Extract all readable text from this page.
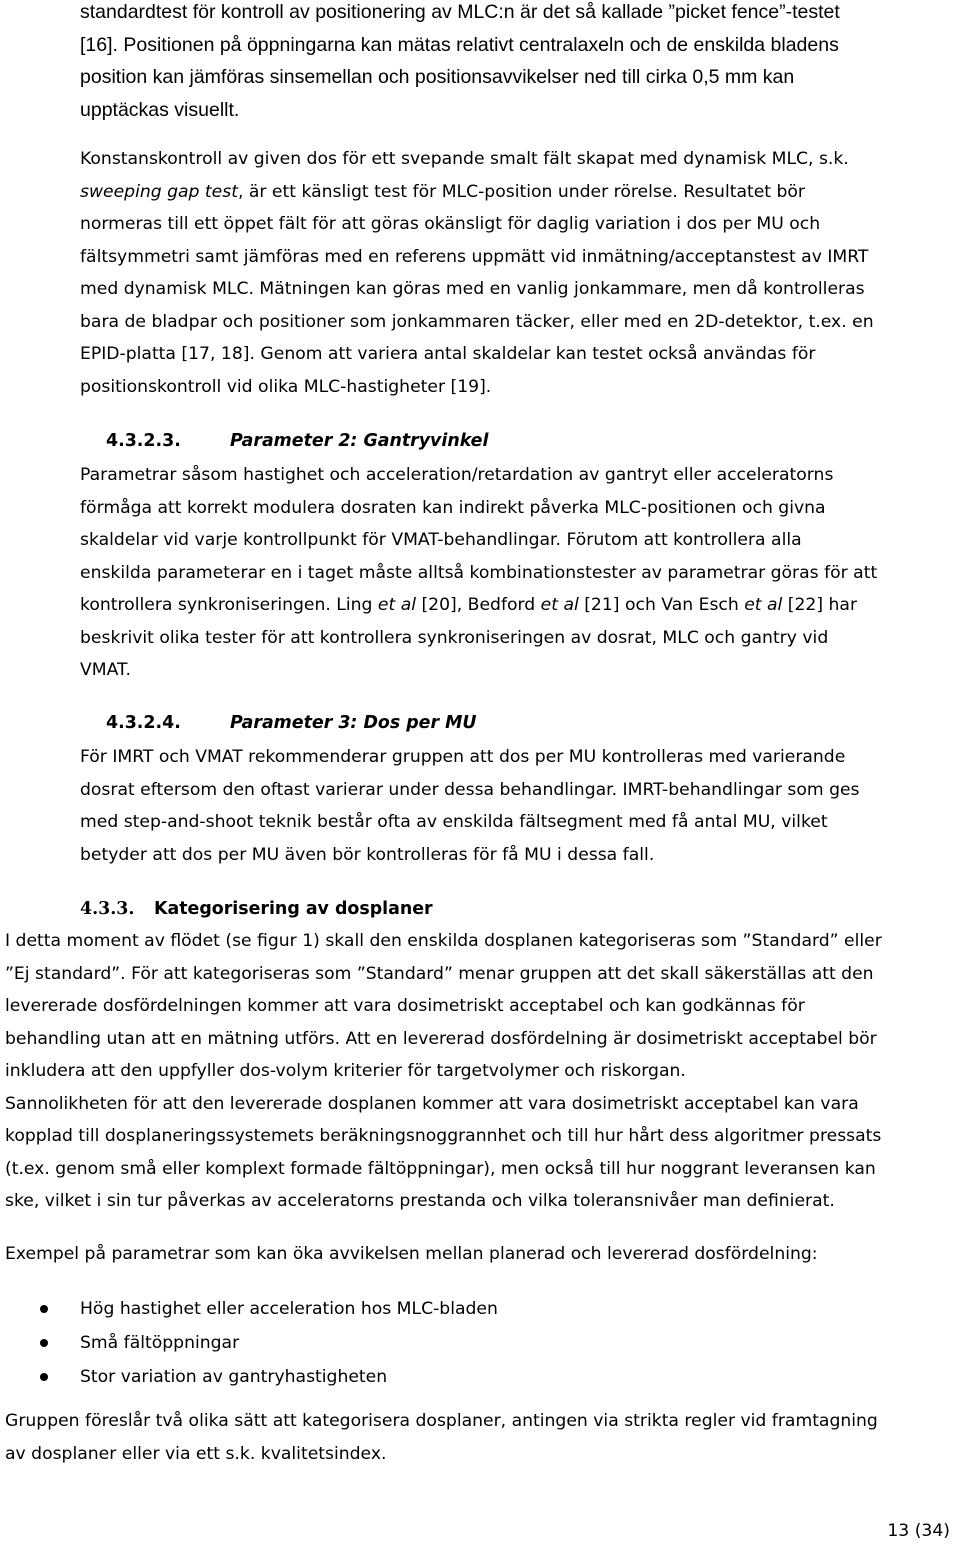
standardtest för kontroll av positionering av MLC:n är det så kallade ”picket fence”-testet
[16]. Positionen på öppningarna kan mätas relativt centralaxeln och de enskilda bladens
position kan jämföras sinsemellan och positionsavvikelser ned till cirka 0,5 mm kan
upptäckas visuellt.
Konstanskontroll av given dos för ett svepande smalt fält skapat med dynamisk MLC, s.k.
sweeping gap test, är ett känsligt test för MLC-position under rörelse. Resultatet bör
normeras till ett öppet fält för att göras okänsligt för daglig variation i dos per MU och
fältsymmetri samt jämföras med en referens uppmätt vid inmätning/acceptanstest av IMRT
med dynamisk MLC. Mätningen kan göras med en vanlig jonkammare, men då kontrolleras
bara de bladpar och positioner som jonkammaren täcker, eller med en 2D-detektor, t.ex. en
EPID-platta [17, 18]. Genom att variera antal skaldelar kan testet också användas för
positionskontroll vid olika MLC-hastigheter [19].
4.3.2.3.	Parameter 2: Gantryvinkel
Parametrar såsom hastighet och acceleration/retardation av gantryt eller acceleratorns
förmåga att korrekt modulera dosraten kan indirekt påverka MLC-positionen och givna
skaldelar vid varje kontrollpunkt för VMAT-behandlingar. Förutom att kontrollera alla
enskilda parameterar en i taget måste alltså kombinationstester av parametrar göras för att
kontrollera synkroniseringen. Ling et al [20], Bedford et al [21] och Van Esch et al [22] har
beskrivit olika tester för att kontrollera synkroniseringen av dosrat, MLC och gantry vid
VMAT.
4.3.2.4.	Parameter 3: Dos per MU
För IMRT och VMAT rekommenderar gruppen att dos per MU kontrolleras med varierande
dosrat eftersom den oftast varierar under dessa behandlingar. IMRT-behandlingar som ges
med step-and-shoot teknik består ofta av enskilda fältsegment med få antal MU, vilket
betyder att dos per MU även bör kontrolleras för få MU i dessa fall.
4.3.3. Kategorisering av dosplaner
I detta moment av flödet (se figur 1) skall den enskilda dosplanen kategoriseras som ”Standard” eller
”Ej standard”. För att kategoriseras som ”Standard” menar gruppen att det skall säkerställas att den
levererade dosfördelningen kommer att vara dosimetriskt acceptabel och kan godkännas för
behandling utan att en mätning utförs. Att en levererad dosfördelning är dosimetriskt acceptabel bör
inkludera att den uppfyller dos-volym kriterier för targetvolymer och riskorgan.
Sannolikheten för att den levererade dosplanen kommer att vara dosimetriskt acceptabel kan vara
kopplad till dosplaneringssystemets beräkningsnoggrannhet och till hur hårt dess algoritmer pressats
(t.ex. genom små eller komplext formade fältöppningar), men också till hur noggrant leveransen kan
ske, vilket i sin tur påverkas av acceleratorns prestanda och vilka toleransnivåer man definierat.
Exempel på parametrar som kan öka avvikelsen mellan planerad och levererad dosfördelning:
Hög hastighet eller acceleration hos MLC-bladen
Små fältöppningar
Stor variation av gantryhastigheten
Gruppen föreslår två olika sätt att kategorisera dosplaner, antingen via strikta regler vid framtagning
av dosplaner eller via ett s.k. kvalitetsindex.
13 (34)
